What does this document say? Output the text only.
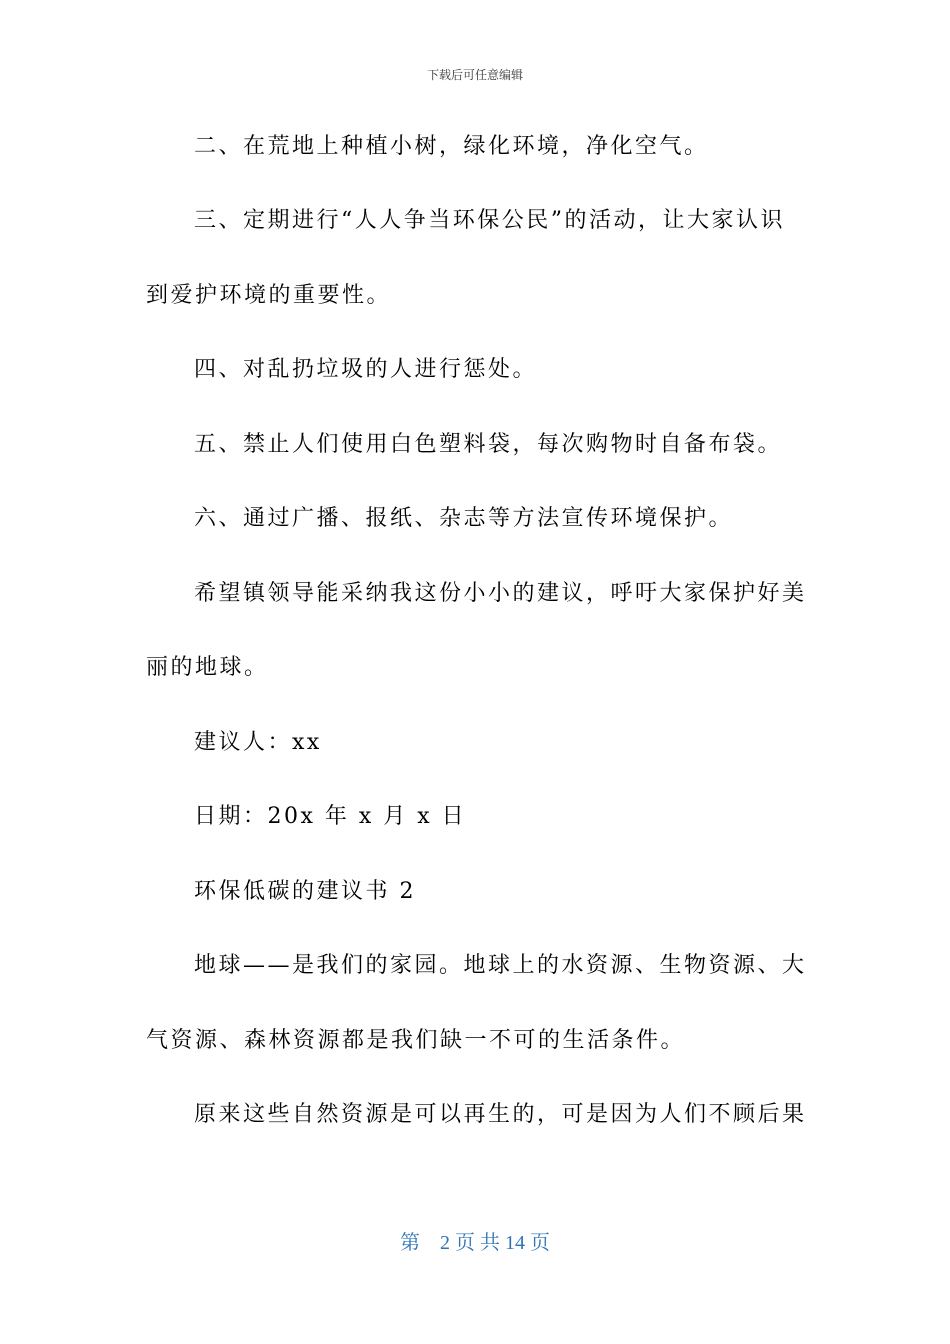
下载后可任意编辑
二、在荒地上种植小树，绿化环境，净化空气。
三、定期进行“人人争当环保公民”的活动，让大家认识
到爱护环境的重要性。
四、对乱扔垃圾的人进行惩处。
五、禁止人们使用白色塑料袋，每次购物时自备布袋。
六、通过广播、报纸、杂志等方法宣传环境保护。
希望镇领导能采纳我这份小小的建议，呼吁大家保护好美
丽的地球。
建议人：xx
日期：20x 年 x 月 x 日
环保低碳的建议书 2
地球——是我们的家园。地球上的水资源、生物资源、大
气资源、森林资源都是我们缺一不可的生活条件。
原来这些自然资源是可以再生的，可是因为人们不顾后果
第　2 页 共 14 页
